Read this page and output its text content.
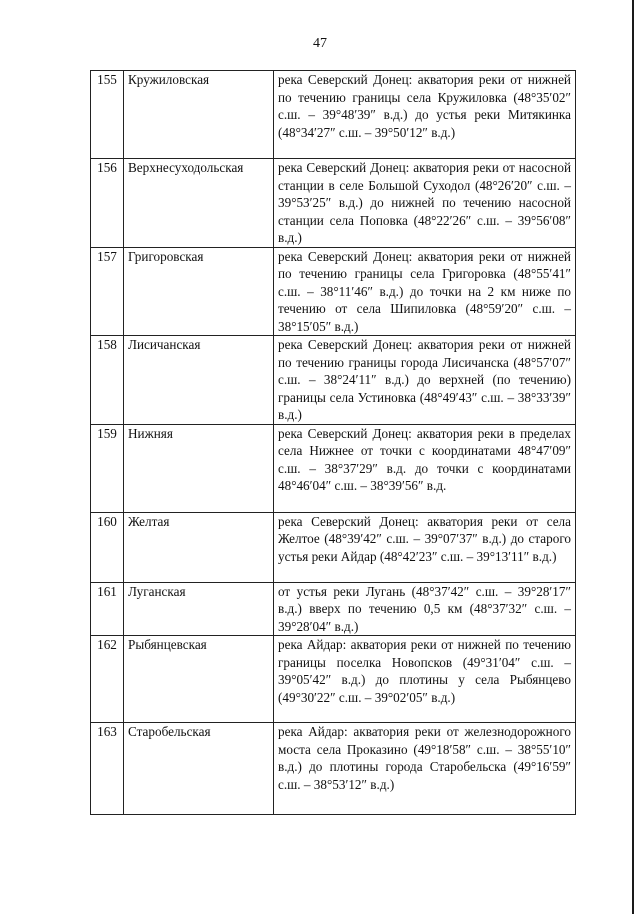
47
155	Кружиловская	река Северский Донец: акватория реки от нижней по течению границы села Кружиловка (48°35′02″ с.ш. – 39°48′39″ в.д.) до устья реки Митякинка (48°34′27″ с.ш. – 39°50′12″ в.д.)

156	Верхнесуходольская	река Северский Донец: акватория реки от насосной станции в селе Большой Суходол (48°26′20″ с.ш. – 39°53′25″ в.д.) до нижней по течению насосной станции села Поповка (48°22′26″ с.ш. – 39°56′08″ в.д.)

157	Григоровская	река Северский Донец: акватория реки от нижней по течению границы села Григоровка (48°55′41″ с.ш. – 38°11′46″ в.д.) до точки на 2 км ниже по течению от села Шипиловка (48°59′20″ с.ш. – 38°15′05″ в.д.)

158	Лисичанская	река Северский Донец: акватория реки от нижней по течению границы города Лисичанска (48°57′07″ с.ш. – 38°24′11″ в.д.) до верхней (по течению) границы села Устиновка (48°49′43″ с.ш. – 38°33′39″ в.д.)

159	Нижняя	река Северский Донец: акватория реки в пределах села Нижнее от точки с координатами 48°47′09″ с.ш. – 38°37′29″ в.д. до точки с координатами 48°46′04″ с.ш. – 38°39′56″ в.д.

160	Желтая	река Северский Донец: акватория реки от села Желтое (48°39′42″ с.ш. – 39°07′37″ в.д.) до старого устья реки Айдар (48°42′23″ с.ш. – 39°13′11″ в.д.)

161	Луганская	от устья реки Лугань (48°37′42″ с.ш. – 39°28′17″ в.д.) вверх по течению 0,5 км (48°37′32″ с.ш. – 39°28′04″ в.д.)

162	Рыбянцевская	река Айдар: акватория реки от нижней по течению границы поселка Новопсков (49°31′04″ с.ш. – 39°05′42″ в.д.) до плотины у села Рыбянцево (49°30′22″ с.ш. – 39°02′05″ в.д.)

163	Старобельская	река Айдар: акватория реки от железнодорожного моста села Проказино (49°18′58″ с.ш. – 38°55′10″ в.д.) до плотины города Старобельска (49°16′59″ с.ш. – 38°53′12″ в.д.)
